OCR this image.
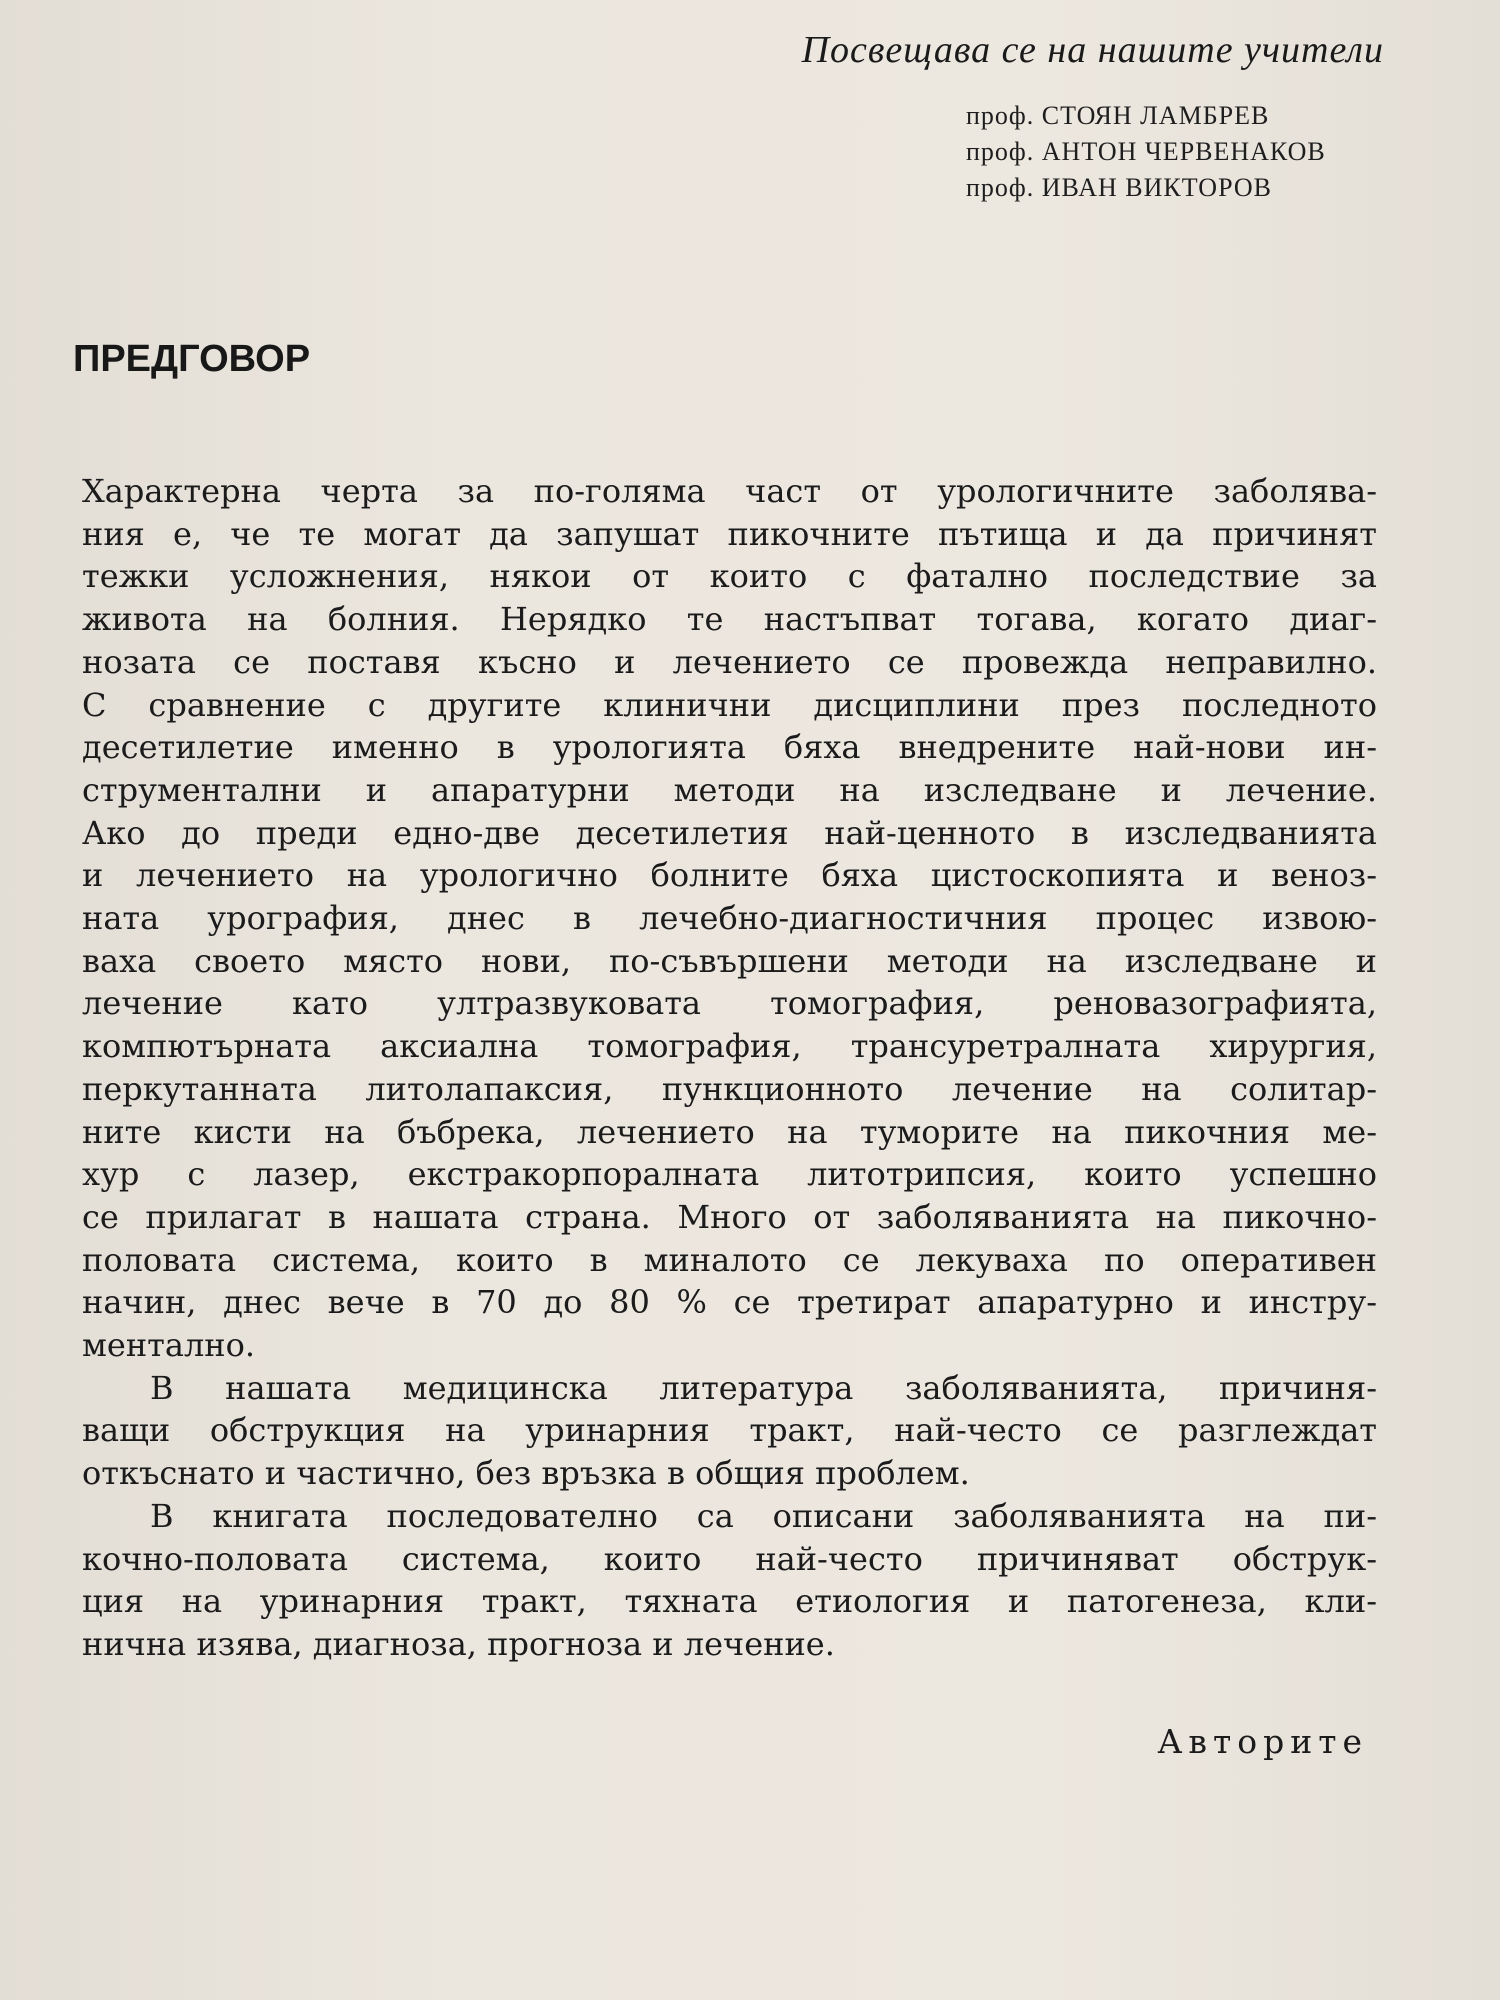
Посвещава се на нашите учители
проф. СТОЯН ЛАМБРЕВ
проф. АНТОН ЧЕРВЕНАКОВ
проф. ИВАН ВИКТОРОВ
ПРЕДГОВОР
Характерна черта за по-голяма част от урологичните заболява-
ния е, че те могат да запушат пикочните пътища и да причинят
тежки усложнения, някои от които с фатално последствие за
живота на болния. Нерядко те настъпват тогава, когато диаг-
нозата се поставя късно и лечението се провежда неправилно.
С сравнение с другите клинични дисциплини през последното
десетилетие именно в урологията бяха внедрените най-нови ин-
струментални и апаратурни методи на изследване и лечение.
Ако до преди едно-две десетилетия най-ценното в изследванията
и лечението на урологично болните бяха цистоскопията и веноз-
ната урография, днес в лечебно-диагностичния процес извою-
ваха своето място нови, по-съвършени методи на изследване и
лечение като ултразвуковата томография, реновазографията,
компютърната аксиална томография, трансуретралната хирургия,
перкутанната литолапаксия, пункционното лечение на солитар-
ните кисти на бъбрека, лечението на туморите на пикочния ме-
хур с лазер, екстракорпоралната литотрипсия, които успешно
се прилагат в нашата страна. Много от заболяванията на пикочно-
половата система, които в миналото се лекуваха по оперативен
начин, днес вече в 70 до 80 % се третират апаратурно и инстру-
ментално.
В нашата медицинска литература заболяванията, причиня-
ващи обструкция на уринарния тракт, най-често се разглеждат
откъснато и частично, без връзка в общия проблем.
В книгата последователно са описани заболяванията на пи-
кочно-половата система, които най-често причиняват обструк-
ция на уринарния тракт, тяхната етиология и патогенеза, кли-
нична изява, диагноза, прогноза и лечение.
Авторите
